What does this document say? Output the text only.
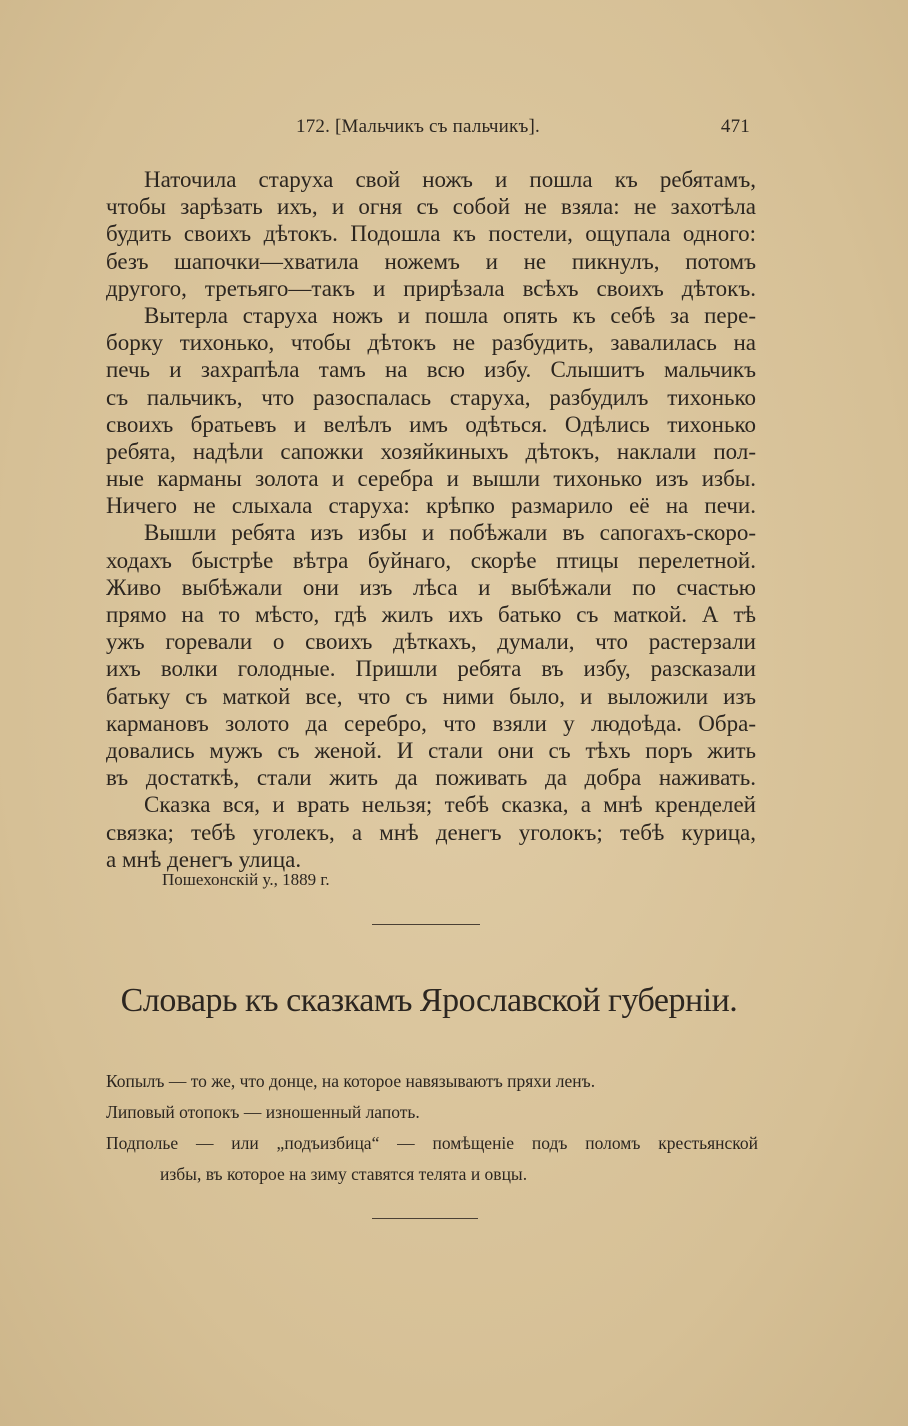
172. [Мальчикъ съ пальчикъ].	471
Наточила старуха свой ножъ и пошла къ ребятамъ,
чтобы зарѣзать ихъ, и огня съ собой не взяла: не захотѣла
будить своихъ дѣтокъ. Подошла къ постели, ощупала одного:
безъ шапочки—хватила ножемъ и не пикнулъ, потомъ
другого, третьяго—такъ и прирѣзала всѣхъ своихъ дѣтокъ.
Вытерла старуха ножъ и пошла опять къ себѣ за пере-
борку тихонько, чтобы дѣтокъ не разбудить, завалилась на
печь и захрапѣла тамъ на всю избу. Слышитъ мальчикъ
съ пальчикъ, что разоспалась старуха, разбудилъ тихонько
своихъ братьевъ и велѣлъ имъ одѣться. Одѣлись тихонько
ребята, надѣли сапожки хозяйкиныхъ дѣтокъ, наклали пол-
ные карманы золота и серебра и вышли тихонько изъ избы.
Ничего не слыхала старуха: крѣпко размарило её на печи.
Вышли ребята изъ избы и побѣжали въ сапогахъ-скоро-
ходахъ быстрѣе вѣтра буйнаго, скорѣе птицы перелетной.
Живо выбѣжали они изъ лѣса и выбѣжали по счастью
прямо на то мѣсто, гдѣ жилъ ихъ батько съ маткой. А тѣ
ужъ горевали о своихъ дѣткахъ, думали, что растерзали
ихъ волки голодные. Пришли ребята въ избу, разсказали
батьку съ маткой все, что съ ними было, и выложили изъ
кармановъ золото да серебро, что взяли у людоѣда. Обра-
довались мужъ съ женой. И стали они съ тѣхъ поръ жить
въ достаткѣ, стали жить да поживать да добра наживать.
Сказка вся, и врать нельзя; тебѣ сказка, а мнѣ кренделей
связка; тебѣ уголекъ, а мнѣ денегъ уголокъ; тебѣ курица,
а мнѣ денегъ улица.
Пошехонскій у., 1889 г.
Словарь къ сказкамъ Ярославской губерніи.
Копылъ — то же, что донце, на которое навязываютъ пряхи ленъ.
Липовый отопокъ — изношенный лапоть.
Подполье — или „подъизбица“ — помѣщеніе подъ поломъ крестьянской
избы, въ которое на зиму ставятся телята и овцы.
